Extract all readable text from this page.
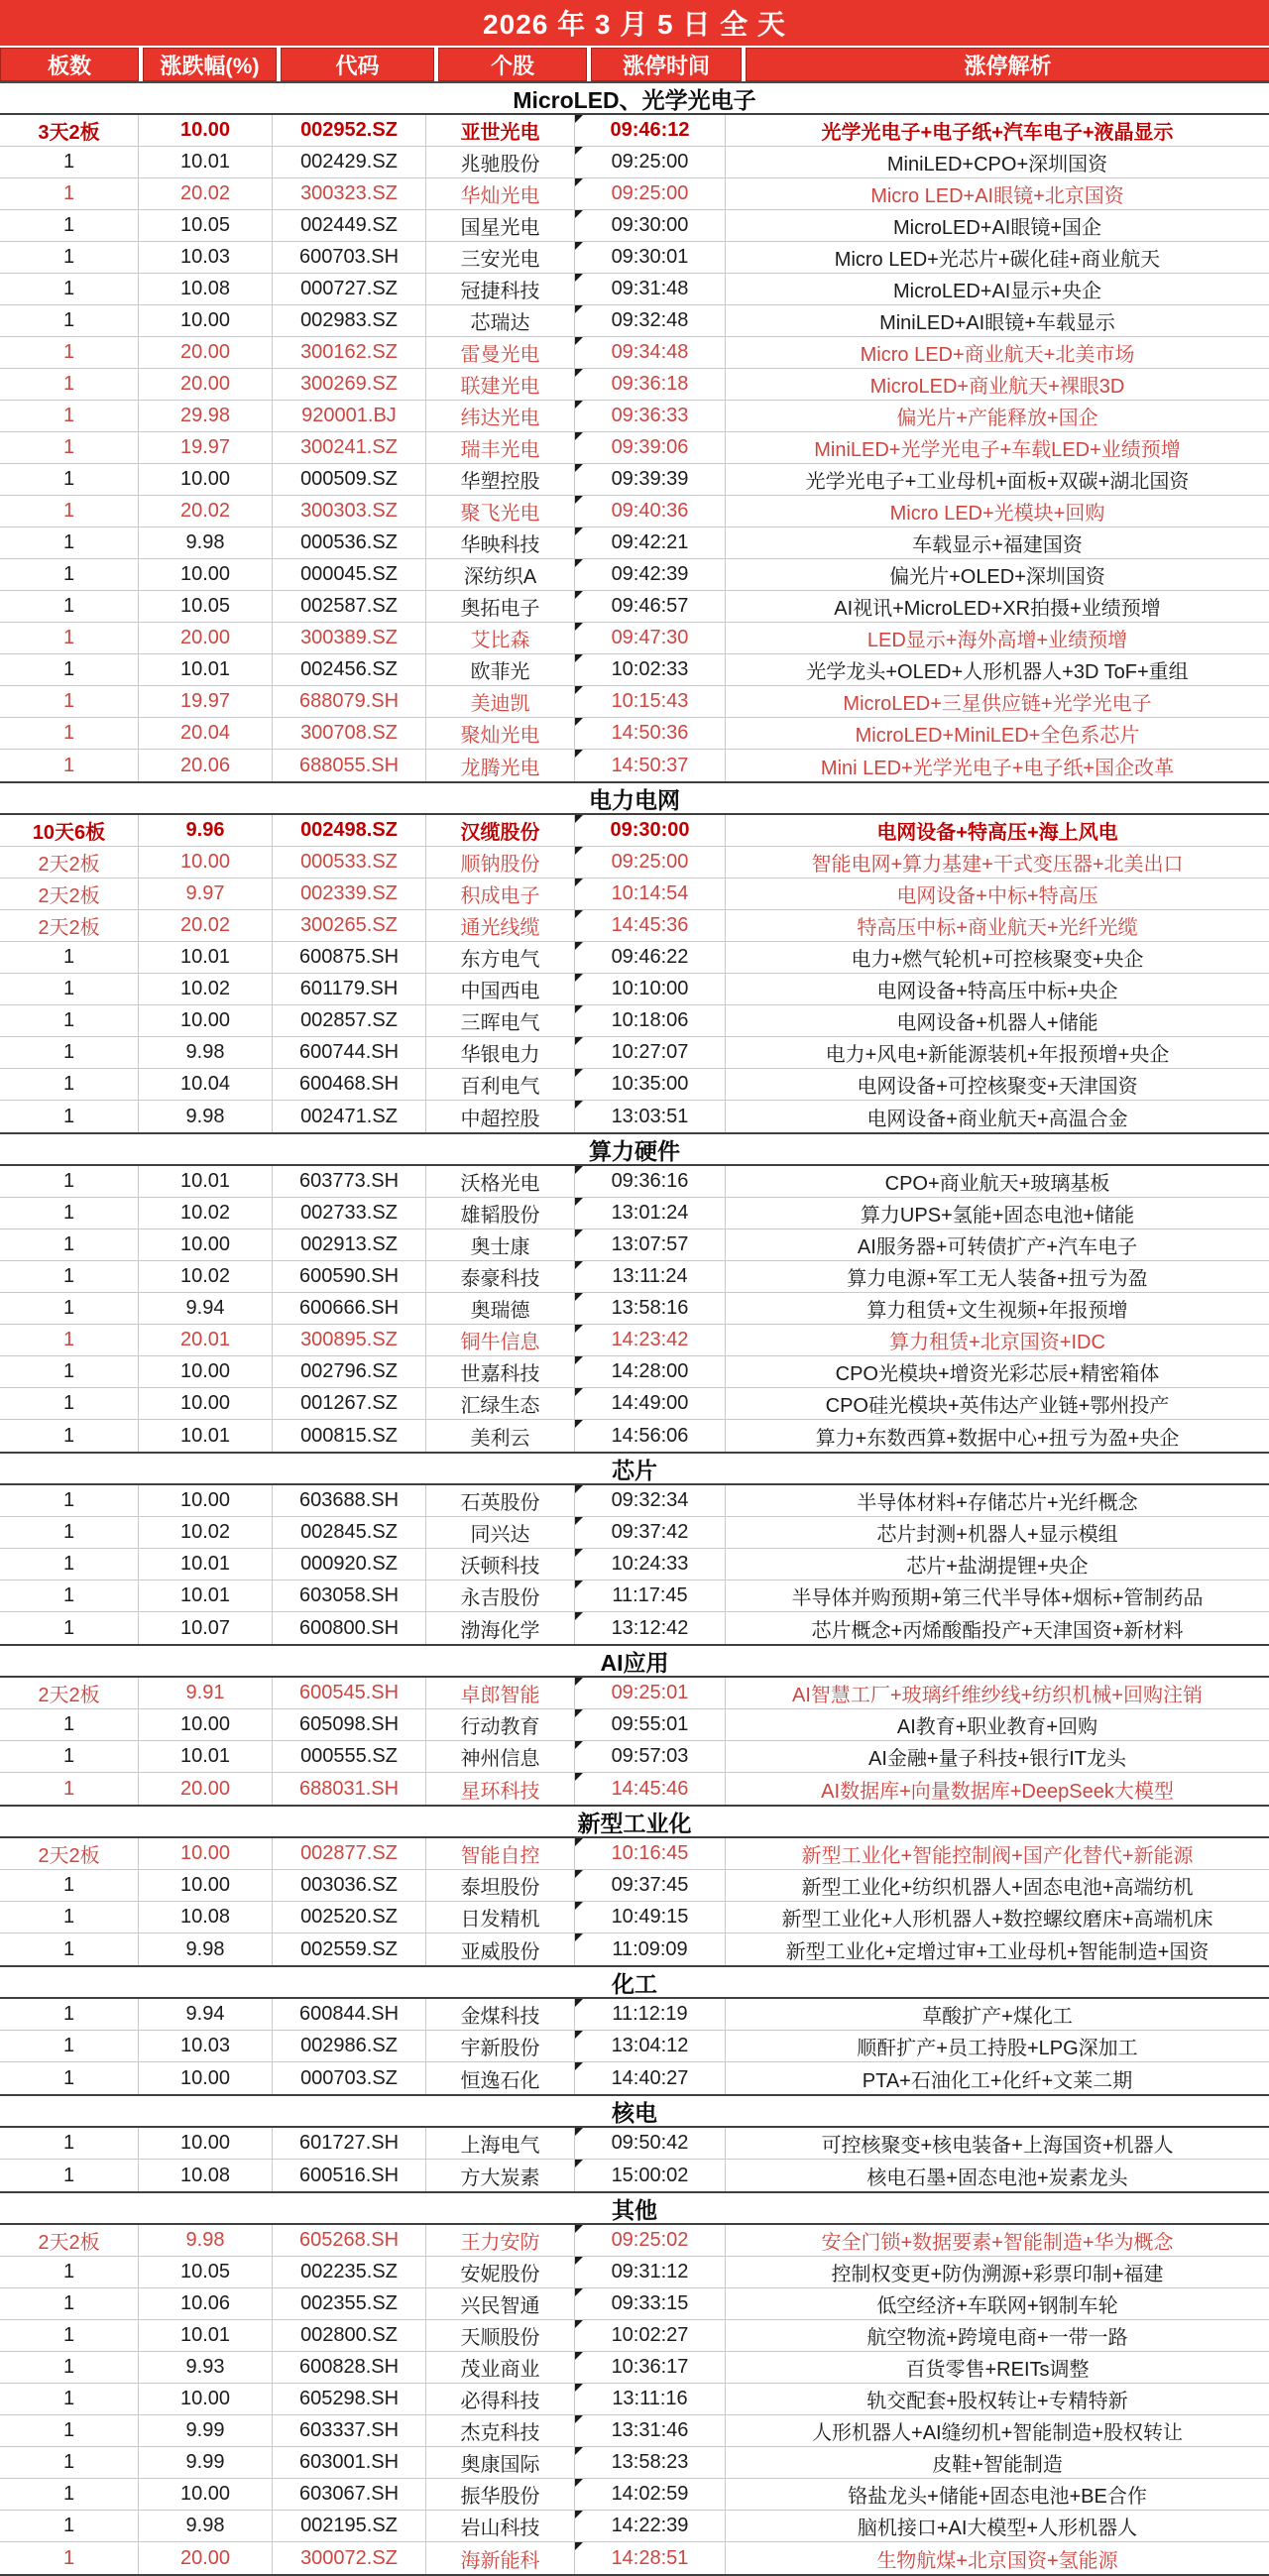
2026 年 3 月 5 日 全 天
板数	涨跌幅(%)	代码	个股	涨停时间	涨停解析
MicroLED、光学光电子
3天2板	10.00	002952.SZ	亚世光电	09:46:12	光学光电子+电子纸+汽车电子+液晶显示
1	10.01	002429.SZ	兆驰股份	09:25:00	MiniLED+CPO+深圳国资
1	20.02	300323.SZ	华灿光电	09:25:00	Micro LED+AI眼镜+北京国资
1	10.05	002449.SZ	国星光电	09:30:00	MicroLED+AI眼镜+国企
1	10.03	600703.SH	三安光电	09:30:01	Micro LED+光芯片+碳化硅+商业航天
1	10.08	000727.SZ	冠捷科技	09:31:48	MicroLED+AI显示+央企
1	10.00	002983.SZ	芯瑞达	09:32:48	MiniLED+AI眼镜+车载显示
1	20.00	300162.SZ	雷曼光电	09:34:48	Micro LED+商业航天+北美市场
1	20.00	300269.SZ	联建光电	09:36:18	MicroLED+商业航天+裸眼3D
1	29.98	920001.BJ	纬达光电	09:36:33	偏光片+产能释放+国企
1	19.97	300241.SZ	瑞丰光电	09:39:06	MiniLED+光学光电子+车载LED+业绩预增
1	10.00	000509.SZ	华塑控股	09:39:39	光学光电子+工业母机+面板+双碳+湖北国资
1	20.02	300303.SZ	聚飞光电	09:40:36	Micro LED+光模块+回购
1	9.98	000536.SZ	华映科技	09:42:21	车载显示+福建国资
1	10.00	000045.SZ	深纺织A	09:42:39	偏光片+OLED+深圳国资
1	10.05	002587.SZ	奥拓电子	09:46:57	AI视讯+MicroLED+XR拍摄+业绩预增
1	20.00	300389.SZ	艾比森	09:47:30	LED显示+海外高增+业绩预增
1	10.01	002456.SZ	欧菲光	10:02:33	光学龙头+OLED+人形机器人+3D ToF+重组
1	19.97	688079.SH	美迪凯	10:15:43	MicroLED+三星供应链+光学光电子
1	20.04	300708.SZ	聚灿光电	14:50:36	MicroLED+MiniLED+全色系芯片
1	20.06	688055.SH	龙腾光电	14:50:37	Mini LED+光学光电子+电子纸+国企改革
电力电网
10天6板	9.96	002498.SZ	汉缆股份	09:30:00	电网设备+特高压+海上风电
2天2板	10.00	000533.SZ	顺钠股份	09:25:00	智能电网+算力基建+干式变压器+北美出口
2天2板	9.97	002339.SZ	积成电子	10:14:54	电网设备+中标+特高压
2天2板	20.02	300265.SZ	通光线缆	14:45:36	特高压中标+商业航天+光纤光缆
1	10.01	600875.SH	东方电气	09:46:22	电力+燃气轮机+可控核聚变+央企
1	10.02	601179.SH	中国西电	10:10:00	电网设备+特高压中标+央企
1	10.00	002857.SZ	三晖电气	10:18:06	电网设备+机器人+储能
1	9.98	600744.SH	华银电力	10:27:07	电力+风电+新能源装机+年报预增+央企
1	10.04	600468.SH	百利电气	10:35:00	电网设备+可控核聚变+天津国资
1	9.98	002471.SZ	中超控股	13:03:51	电网设备+商业航天+高温合金
算力硬件
1	10.01	603773.SH	沃格光电	09:36:16	CPO+商业航天+玻璃基板
1	10.02	002733.SZ	雄韬股份	13:01:24	算力UPS+氢能+固态电池+储能
1	10.00	002913.SZ	奥士康	13:07:57	AI服务器+可转债扩产+汽车电子
1	10.02	600590.SH	泰豪科技	13:11:24	算力电源+军工无人装备+扭亏为盈
1	9.94	600666.SH	奥瑞德	13:58:16	算力租赁+文生视频+年报预增
1	20.01	300895.SZ	铜牛信息	14:23:42	算力租赁+北京国资+IDC
1	10.00	002796.SZ	世嘉科技	14:28:00	CPO光模块+增资光彩芯辰+精密箱体
1	10.00	001267.SZ	汇绿生态	14:49:00	CPO硅光模块+英伟达产业链+鄂州投产
1	10.01	000815.SZ	美利云	14:56:06	算力+东数西算+数据中心+扭亏为盈+央企
芯片
1	10.00	603688.SH	石英股份	09:32:34	半导体材料+存储芯片+光纤概念
1	10.02	002845.SZ	同兴达	09:37:42	芯片封测+机器人+显示模组
1	10.01	000920.SZ	沃顿科技	10:24:33	芯片+盐湖提锂+央企
1	10.01	603058.SH	永吉股份	11:17:45	半导体并购预期+第三代半导体+烟标+管制药品
1	10.07	600800.SH	渤海化学	13:12:42	芯片概念+丙烯酸酯投产+天津国资+新材料
AI应用
2天2板	9.91	600545.SH	卓郎智能	09:25:01	AI智慧工厂+玻璃纤维纱线+纺织机械+回购注销
1	10.00	605098.SH	行动教育	09:55:01	AI教育+职业教育+回购
1	10.01	000555.SZ	神州信息	09:57:03	AI金融+量子科技+银行IT龙头
1	20.00	688031.SH	星环科技	14:45:46	AI数据库+向量数据库+DeepSeek大模型
新型工业化
2天2板	10.00	002877.SZ	智能自控	10:16:45	新型工业化+智能控制阀+国产化替代+新能源
1	10.00	003036.SZ	泰坦股份	09:37:45	新型工业化+纺织机器人+固态电池+高端纺机
1	10.08	002520.SZ	日发精机	10:49:15	新型工业化+人形机器人+数控螺纹磨床+高端机床
1	9.98	002559.SZ	亚威股份	11:09:09	新型工业化+定增过审+工业母机+智能制造+国资
化工
1	9.94	600844.SH	金煤科技	11:12:19	草酸扩产+煤化工
1	10.03	002986.SZ	宇新股份	13:04:12	顺酐扩产+员工持股+LPG深加工
1	10.00	000703.SZ	恒逸石化	14:40:27	PTA+石油化工+化纤+文莱二期
核电
1	10.00	601727.SH	上海电气	09:50:42	可控核聚变+核电装备+上海国资+机器人
1	10.08	600516.SH	方大炭素	15:00:02	核电石墨+固态电池+炭素龙头
其他
2天2板	9.98	605268.SH	王力安防	09:25:02	安全门锁+数据要素+智能制造+华为概念
1	10.05	002235.SZ	安妮股份	09:31:12	控制权变更+防伪溯源+彩票印制+福建
1	10.06	002355.SZ	兴民智通	09:33:15	低空经济+车联网+钢制车轮
1	10.01	002800.SZ	天顺股份	10:02:27	航空物流+跨境电商+一带一路
1	9.93	600828.SH	茂业商业	10:36:17	百货零售+REITs调整
1	10.00	605298.SH	必得科技	13:11:16	轨交配套+股权转让+专精特新
1	9.99	603337.SH	杰克科技	13:31:46	人形机器人+AI缝纫机+智能制造+股权转让
1	9.99	603001.SH	奥康国际	13:58:23	皮鞋+智能制造
1	10.00	603067.SH	振华股份	14:02:59	铬盐龙头+储能+固态电池+BE合作
1	9.98	002195.SZ	岩山科技	14:22:39	脑机接口+AI大模型+人形机器人
1	20.00	300072.SZ	海新能科	14:28:51	生物航煤+北京国资+氢能源
